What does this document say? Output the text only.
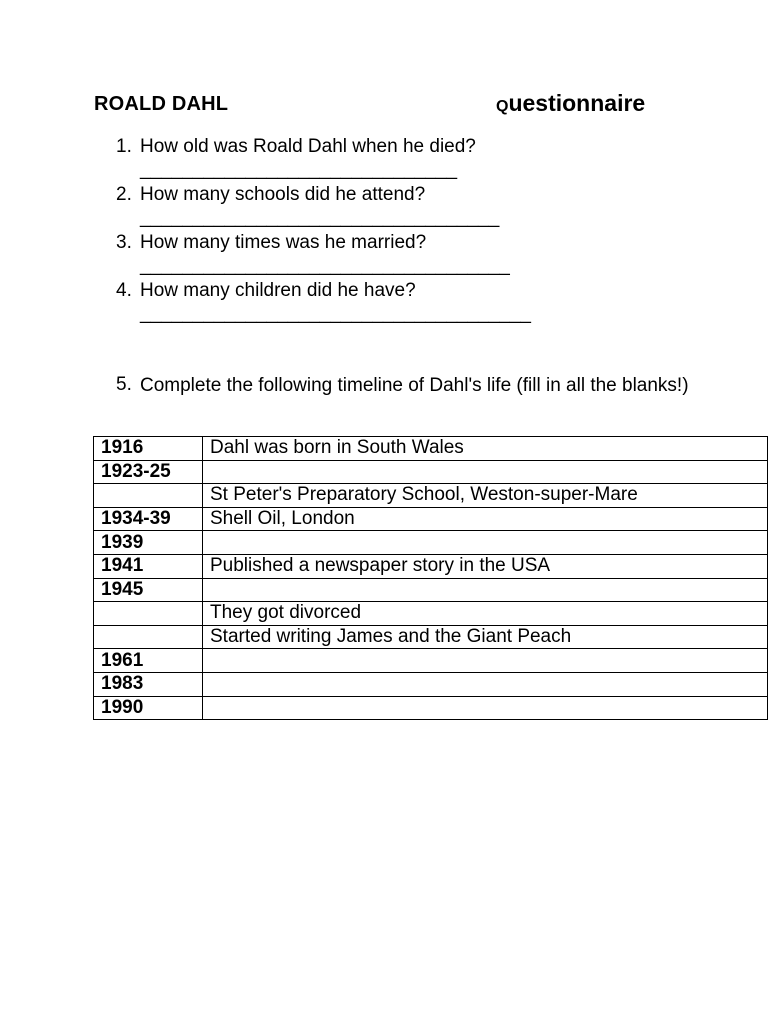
ROALD DAHL	Questionnaire
1. How old was Roald Dahl when he died?
______________________________
2. How many schools did he attend?
__________________________________
3. How many times was he married?
___________________________________
4. How many children did he have?
_____________________________________
5. Complete the following timeline of Dahl's life (fill in all the blanks!)
1916	Dahl was born in South Wales
1923-25	
	St Peter's Preparatory School, Weston-super-Mare
1934-39	Shell Oil, London
1939	
1941	Published a newspaper story in the USA
1945	
	They got divorced
	Started writing James and the Giant Peach
1961	
1983	
1990	
